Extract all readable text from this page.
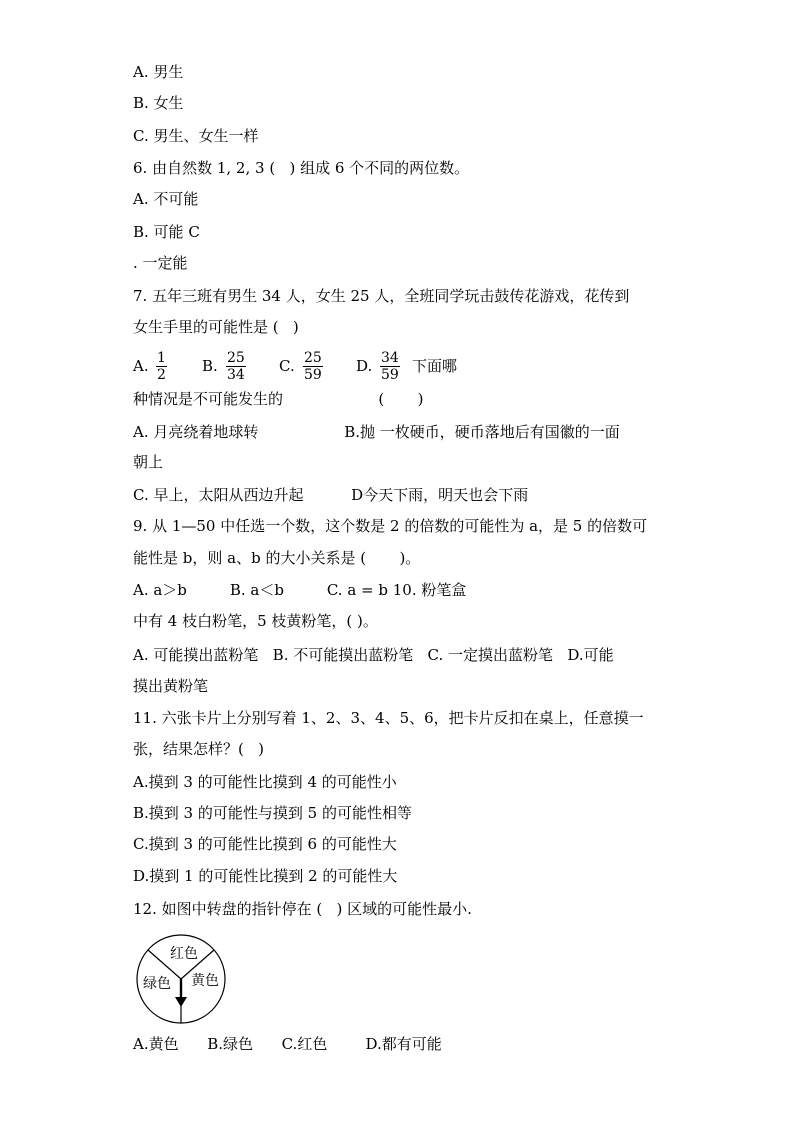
A. 男生
B. 女生
C. 男生、女生一样
6. 由自然数 1, 2, 3 (   ) 组成 6 个不同的两位数。
A. 不可能
B. 可能 C
. 一定能
7. 五年三班有男生 34 人，女生 25 人，全班同学玩击鼓传花游戏，花传到
女生手里的可能性是 (   )
A. $\frac{1}{2} B$. $\frac{25}{34} C$. $\frac{25}{59} D$. $\frac{34}{59}$ 下面哪
种情况是不可能发生的                    (       )
A. 月亮绕着地球转                  B.抛 一枚硬币，硬币落地后有国徽的一面
朝上
C. 早上，太阳从西边升起          D今天下雨，明天也会下雨
9. 从 1—50 中任选一个数，这个数是 2 的倍数的可能性为 a，是 5 的倍数可
能性是 b，则 a、b 的大小关系是 (       )。
A. a＞b         B. a＜b         C. a = b 10. 粉笔盒
中有 4 枝白粉笔，5 枝黄粉笔，( )。
A. 可能摸出蓝粉笔   B. 不可能摸出蓝粉笔   C. 一定摸出蓝粉笔   D.可能
摸出黄粉笔
11. 六张卡片上分别写着 1、2、3、4、5、6，把卡片反扣在桌上，任意摸一
张，结果怎样？(   )
A.摸到 3 的可能性比摸到 4 的可能性小
B.摸到 3 的可能性与摸到 5 的可能性相等
C.摸到 3 的可能性比摸到 6 的可能性大
D.摸到 1 的可能性比摸到 2 的可能性大
12. 如图中转盘的指针停在 (   ) 区域的可能性最小.
红色
绿色 黄色
A.黄色      B.绿色      C.红色        D.都有可能
